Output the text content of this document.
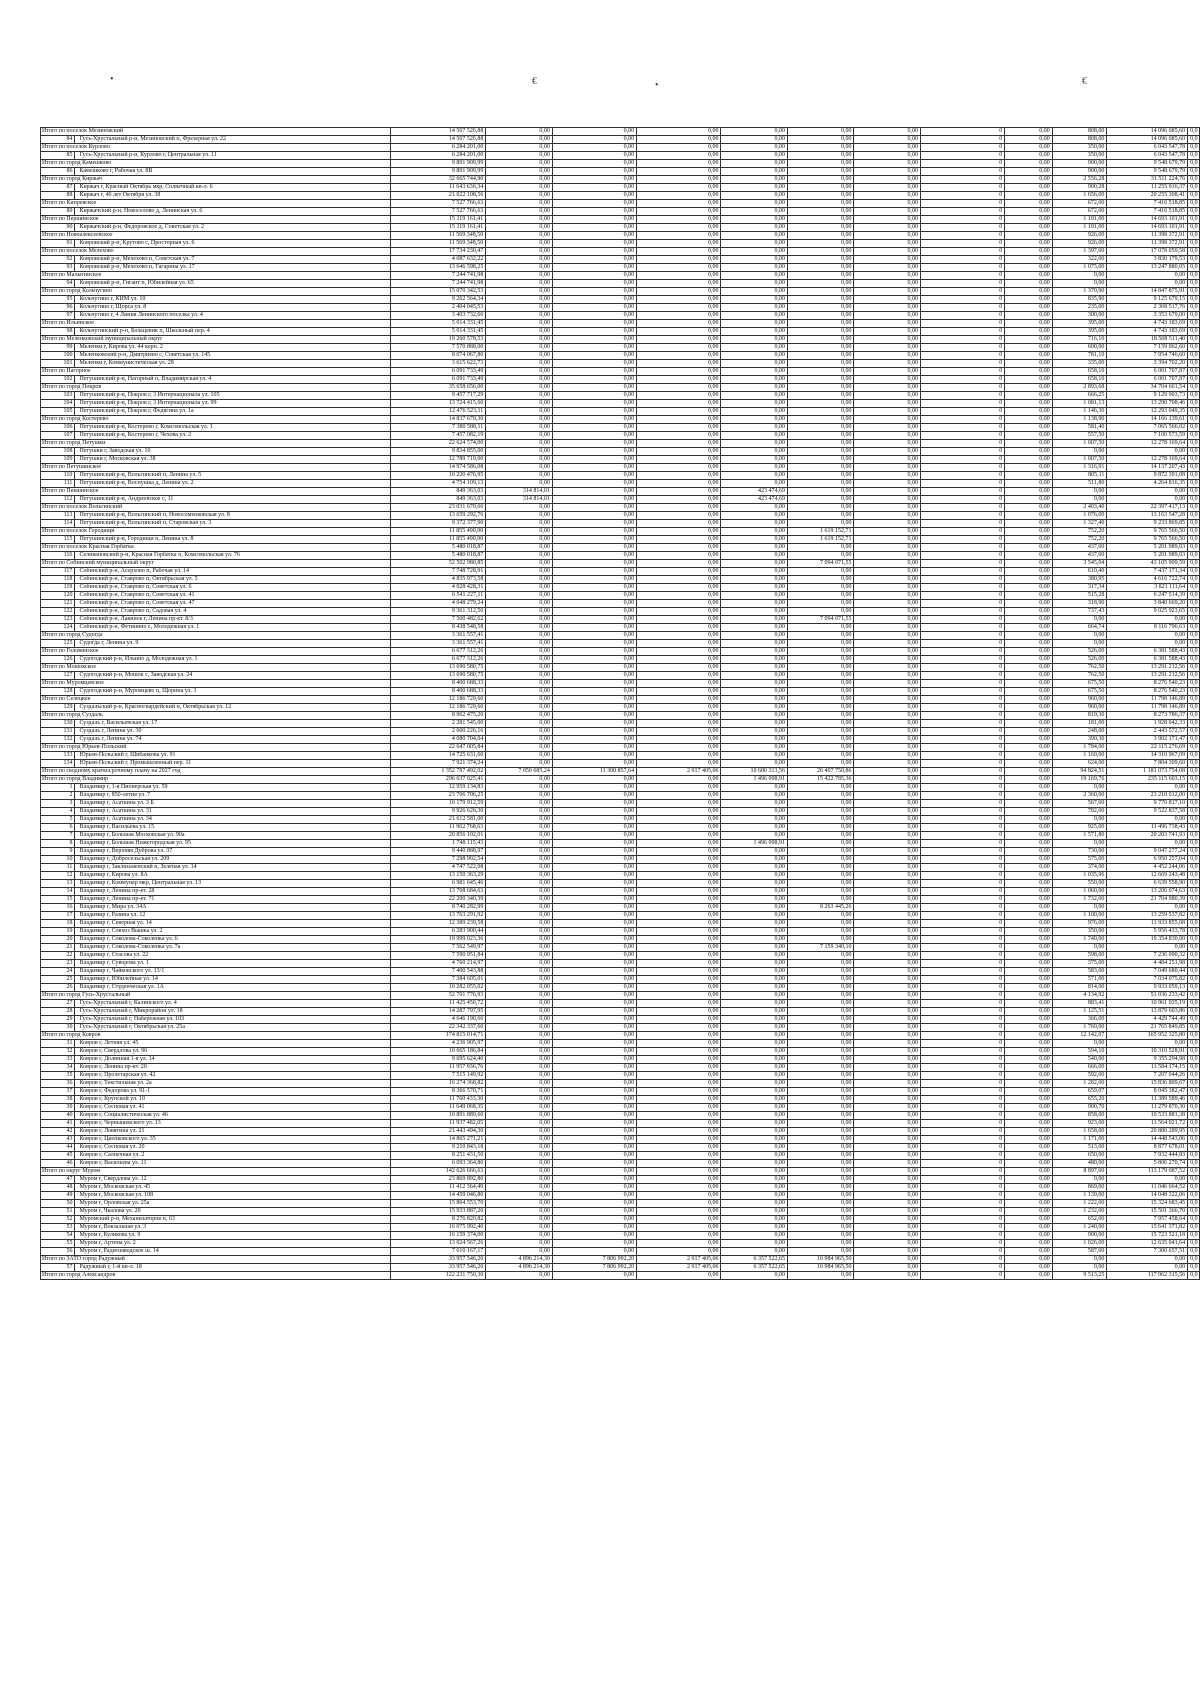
•	€	•	€
Итого по поселок Мезиновский		14 507 526,88	0,00	0,00	0,00	0,00	0,00	0,00	0	0,00	808,00	14 096 085,60	0,0
84	Гусь-Хрустальный р-н, Мезиновский п, Фрезерная ул. 22	14 507 526,88	0,00	0,00	0,00	0,00	0,00	0,00	0	0,00	808,00	14 096 085,60	0,0
Итого по поселок Курлово		6 284 201,00	0,00	0,00	0,00	0,00	0,00	0,00	0	0,00	350,00	6 043 547,78	0,0
85	Гусь-Хрустальный р-н, Курлово г, Центральная ул. 11	6 284 201,00	0,00	0,00	0,00	0,00	0,00	0,00	0	0,00	350,00	6 043 547,78	0,0
Итого по город Камешково		9 891 909,99	0,00	0,00	0,00	0,00	0,00	0,00	0	0,00	900,00	9 548 679,79	0,0
86	Камешково г, Рабочая ул. 8В	9 891 909,99	0,00	0,00	0,00	0,00	0,00	0,00	0	0,00	900,00	9 548 679,79	0,0
Итого по город Киржач		32 665 744,90	0,00	0,00	0,00	0,00	0,00	0,00	0	0,00	2 556,28	31 511 224,76	0,0
87	Киржач г, Красный Октябрь мкр, Солнечный кв-л. 6	11 643 636,34	0,00	0,00	0,00	0,00	0,00	0,00	0	0,00	900,28	11 255 916,37	0,0
88	Киржач г, 40 лет Октября ул. 38	21 022 108,56	0,00	0,00	0,00	0,00	0,00	0,00	0	0,00	1 656,00	20 255 308,41	0,0
Итого по Кипревское		7 527 766,63	0,00	0,00	0,00	0,00	0,00	0,00	0	0,00	672,00	7 416 518,85	0,0
89	Киржачский р-н, Новоселово д, Ленинская ул. 6	7 527 766,63	0,00	0,00	0,00	0,00	0,00	0,00	0	0,00	672,00	7 416 518,85	0,0
Итого по Першинское		15 119 161,41	0,00	0,00	0,00	0,00	0,00	0,00	0	0,00	1 191,00	14 693 101,91	0,0
90	Киржачский р-н, Федоровское д, Советская ул. 2	15 119 161,41	0,00	0,00	0,00	0,00	0,00	0,00	0	0,00	1 191,00	14 693 101,91	0,0
Итого по Новоалексеевское		11 569 348,50	0,00	0,00	0,00	0,00	0,00	0,00	0	0,00	926,00	11 398 372,91	0,0
91	Ковровский р-н, Крутово с, Просторная ул. 6	11 569 348,50	0,00	0,00	0,00	0,00	0,00	0,00	0	0,00	926,00	11 398 372,91	0,0
Итого по поселок Мелехово		17 734 230,47	0,00	0,00	0,00	0,00	0,00	0,00	0	0,00	1 397,00	17 078 059,58	0,0
92	Ковровский р-н, Мелехово п, Советская ул. 7	4 087 632,22	0,00	0,00	0,00	0,00	0,00	0,00	0	0,00	322,00	3 830 179,53	0,0
93	Ковровский р-н, Мелехово п, Гагарина ул. 17	13 646 598,25	0,00	0,00	0,00	0,00	0,00	0,00	0	0,00	1 075,00	13 247 880,05	0,0
Итого по Малыгинское		7 244 741,98	0,00	0,00	0,00	0,00	0,00	0,00	0	0,00	0,00	0,00	0,0
94	Ковровский р-н, Гигант п, Юбилейная ул. 65	7 244 741,98	0,00	0,00	0,00	0,00	0,00	0,00	0	0,00	0,00	0,00	0,0
Итого по город Кольчугино		15 070 342,53	0,00	0,00	0,00	0,00	0,00	0,00	0	0,00	1 370,90	14 847 875,91	0,0
95	Кольчугино г, КИМ ул. 10	9 262 564,34	0,00	0,00	0,00	0,00	0,00	0,00	0	0,00	835,90	9 125 679,15	0,0
96	Кольчугино г, Щорса ул. 8	2 404 045,53	0,00	0,00	0,00	0,00	0,00	0,00	0	0,00	235,00	2 368 517,76	0,0
97	Кольчугино г, 4 Линия Ленинского поселка ул. 4	3 403 732,66	0,00	0,00	0,00	0,00	0,00	0,00	0	0,00	300,00	3 353 679,00	0,0
Итого по Ильинское		5 014 331,45	0,00	0,00	0,00	0,00	0,00	0,00	0	0,00	395,00	4 743 183,69	0,0
98	Кольчугинский р-н, Больцевик п, Школьный пер. 4	5 014 331,45	0,00	0,00	0,00	0,00	0,00	0,00	0	0,00	395,00	4 743 183,69	0,0
Итого по Меленковский муниципальный округ		19 260 578,53	0,00	0,00	0,00	0,00	0,00	0,00	0	0,00	716,10	18 508 511,40	0,0
99	Меленки г, Кирова ул. 44 корп. 2	7 570 888,00	0,00	0,00	0,00	0,00	0,00	0,00	0	0,00	600,00	7 159 062,60	0,0
100	Меленковский р-н, Дмитриево с, Советская ул. 145	8 074 067,80	0,00	0,00	0,00	0,00	0,00	0,00	0	0,00	781,10	7 954 746,60	0,0
101	Меленки г, Коммунистическая ул. 28	3 615 622,73	0,00	0,00	0,00	0,00	0,00	0,00	0	0,00	335,00	3 394 702,20	0,0
Итого по Нагорное		6 091 733,49	0,00	0,00	0,00	0,00	0,00	0,00	0	0,00	658,10	6 001 707,87	0,0
102	Петушинский р-н, Нагорный п, Владимирская ул. 4	6 091 733,49	0,00	0,00	0,00	0,00	0,00	0,00	0	0,00	658,10	6 001 707,87	0,0
Итого по город Покров		35 658 656,00	0,00	0,00	0,00	0,00	0,00	0,00	0	0,00	2 893,68	34 704 661,54	0,0
103	Петушинский р-н, Покров г, 3 Интернационала ул. 105	9 457 717,29	0,00	0,00	0,00	0,00	0,00	0,00	0	0,00	666,25	9 129 903,73	0,0
104	Петушинский р-н, Покров г, 3 Интернационала ул. 99	13 724 415,60	0,00	0,00	0,00	0,00	0,00	0,00	0	0,00	1 081,13	13 290 708,46	0,0
105	Петушинский р-н, Покров г, Федягина ул. 1а	12 476 523,11	0,00	0,00	0,00	0,00	0,00	0,00	0	0,00	1 146,30	12 293 049,35	0,0
Итого по город Костерево		14 837 670,30	0,00	0,00	0,00	0,00	0,00	0,00	0	0,00	1 138,90	14 166 139,61	0,0
106	Петушинский р-н, Костерево г, Комсомольская ул. 1	7 380 588,11	0,00	0,00	0,00	0,00	0,00	0,00	0	0,00	581,40	7 065 566,02	0,0
107	Петушинский р-н, Костерево г, Чехова ул. 2	7 457 082,19	0,00	0,00	0,00	0,00	0,00	0,00	0	0,00	557,50	7 100 573,59	0,0
Итого по город Петушки		22 624 574,00	0,00	0,00	0,00	0,00	0,00	0,00	0	0,00	1 007,50	12 278 169,64	0,0
108	Петушки г, Заводская ул. 10	9 834 855,00	0,00	0,00	0,00	0,00	0,00	0,00	0	0,00	0,00	0,00	0,0
109	Петушки г, Московская ул. 38	12 789 719,00	0,00	0,00	0,00	0,00	0,00	0,00	0	0,00	1 007,50	12 278 169,64	0,0
Итого по Петушинское		14 974 586,08	0,00	0,00	0,00	0,00	0,00	0,00	0	0,00	1 316,91	14 137 207,43	0,0
110	Петушинский р-н, Вольгинский п, Ленина ул. 5	10 220 476,95	0,00	0,00	0,00	0,00	0,00	0,00	0	0,00	805,11	9 872 391,08	0,0
111	Петушинский р-н, Воспушка д, Ленина ул. 2	4 754 109,13	0,00	0,00	0,00	0,00	0,00	0,00	0	0,00	511,80	4 264 816,35	0,0
Итого по Пекшинское		849 363,03	314 814,01	0,00	0,00	423 474,69	0,00	0,00	0	0,00	0,00	0,00	0,0
112	Петушинский р-н, Андреевское с, 11	849 363,03	314 814,01	0,00	0,00	423 474,69	0,00	0,00	0	0,00	0,00	0,00	0,0
Итого по поселок Вольгинский		23 031 670,66	0,00	0,00	0,00	0,00	0,00	0,00	0	0,00	2 403,40	22 397 417,13	0,0
113	Петушинский р-н, Вольгинский п, Новосеменковская ул. 8	13 659 292,76	0,00	0,00	0,00	0,00	0,00	0,00	0	0,00	1 076,00	13 163 547,28	0,0
114	Петушинский р-н, Вольгинский п, Старовская ул. 3	9 372 377,90	0,00	0,00	0,00	0,00	0,00	0,00	0	0,00	1 327,40	9 233 869,85	0,0
Итого по поселок Городищи		11 855 490,00	0,00	0,00	0,00	0,00	1 619 152,71	0,00	0	0,00	752,20	9 765 566,50	0,0
115	Петушинский р-н, Городищи п, Ленина ул. 8	11 855 490,00	0,00	0,00	0,00	0,00	1 619 152,71	0,00	0	0,00	752,20	9 765 566,50	0,0
Итого по поселок Красная Горбатка		5 480 018,87	0,00	0,00	0,00	0,00	0,00	0,00	0	0,00	437,00	5 201 989,03	0,0
116	Селивановский р-н, Красная Горбатка п, Комсомольская ул. 76	5 480 018,87	0,00	0,00	0,00	0,00	0,00	0,00	0	0,00	437,00	5 201 989,03	0,0
Итого по Собинский муниципальный округ		52 502 980,85	0,00	0,00	0,00	0,00	7 094 071,55	0,00	0	0,00	3 545,04	43 105 909,59	0,0
117	Собинский р-н, Асерхово п, Рабочая ул. 14	7 748 728,91	0,00	0,00	0,00	0,00	0,00	0,00	0	0,00	610,40	7 437 171,34	0,0
118	Собинский р-н, Ставрово п, Октябрьская ул. 5	4 835 973,58	0,00	0,00	0,00	0,00	0,00	0,00	0	0,00	380,95	4 616 722,74	0,0
119	Собинский р-н, Ставрово п, Советская ул. 6	4 028 428,31	0,00	0,00	0,00	0,00	0,00	0,00	0	0,00	317,34	3 821 111,64	0,0
120	Собинский р-н, Ставрово п, Советская ул. 41	6 541 227,11	0,00	0,00	0,00	0,00	0,00	0,00	0	0,00	515,28	6 247 514,39	0,0
121	Собинский р-н, Ставрово п, Советская ул. 47	4 048 279,24	0,00	0,00	0,00	0,00	0,00	0,00	0	0,00	318,90	3 840 669,20	0,0
122	Собинский р-н, Ставрово п, Садовая ул. 4	9 361 312,50	0,00	0,00	0,00	0,00	0,00	0,00	0	0,00	737,43	9 025 923,65	0,0
123	Собинский р-н, Лакинск г, Ленина пр-кт. 8/3	7 500 482,62	0,00	0,00	0,00	0,00	7 094 071,55	0,00	0	0,00	0,00	0,00	0,0
124	Собинский р-н, Фетинино с, Молодежная ул. 1	8 438 548,58	0,00	0,00	0,00	0,00	0,00	0,00	0	0,00	664,74	8 116 796,63	0,0
Итого по город Судогда		3 361 557,41	0,00	0,00	0,00	0,00	0,00	0,00	0	0,00	0,00	0,00	0,0
125	Судогда г, Ленина ул. 9	3 361 557,41	0,00	0,00	0,00	0,00	0,00	0,00	0	0,00	0,00	0,00	0,0
Итого по Головинское		6 677 312,26	0,00	0,00	0,00	0,00	0,00	0,00	0	0,00	526,00	6 381 588,43	0,0
126	Судогодский р-н, Ильино д, Молодежная ул. 1	6 677 312,26	0,00	0,00	0,00	0,00	0,00	0,00	0	0,00	526,00	6 381 588,43	0,0
Итого по Мошокское		13 690 580,75	0,00	0,00	0,00	0,00	0,00	0,00	0	0,00	762,50	13 291 212,56	0,0
127	Судогодский р-н, Мошок с, Заводская ул. 24	13 690 580,75	0,00	0,00	0,00	0,00	0,00	0,00	0	0,00	762,50	13 291 212,56	0,0
Итого по Муромцевское		8 400 688,33	0,00	0,00	0,00	0,00	0,00	0,00	0	0,00	675,50	8 276 540,23	0,0
128	Судогодский р-н, Муромцево п, Щорина ул. 3	8 400 688,33	0,00	0,00	0,00	0,00	0,00	0,00	0	0,00	675,50	8 276 540,23	0,0
Итого по Селецкое		12 186 729,60	0,00	0,00	0,00	0,00	0,00	0,00	0	0,00	960,00	11 798 146,89	0,0
129	Суздальский р-н, Красногвардейский п, Октябрьская ул. 12	12 186 729,60	0,00	0,00	0,00	0,00	0,00	0,00	0	0,00	960,00	11 798 146,89	0,0
Итого по город Суздаль		8 962 475,20	0,00	0,00	0,00	0,00	0,00	0,00	0	0,00	819,30	8 273 786,37	0,0
130	Суздаль г, Васильевская ул. 17	2 281 545,00	0,00	0,00	0,00	0,00	0,00	0,00	0	0,00	181,00	1 928 042,33	0,0
131	Суздаль г, Ленина ул. 30	2 600 226,16	0,00	0,00	0,00	0,00	0,00	0,00	0	0,00	248,00	2 443 572,57	0,0
132	Суздаль г, Ленина ул. 74	4 080 704,04	0,00	0,00	0,00	0,00	0,00	0,00	0	0,00	390,30	3 902 171,47	0,0
Итого по город Юрьев-Польский		22 647 005,84	0,00	0,00	0,00	0,00	0,00	0,00	0	0,00	1 784,00	22 115 276,69	0,0
133	Юрьев-Польский г, Шибанкова ул. 91	14 725 631,60	0,00	0,00	0,00	0,00	0,00	0,00	0	0,00	1 160,00	14 310 967,09	0,0
134	Юрьев-Польский г, Промышленный пер. 11	7 921 374,24	0,00	0,00	0,00	0,00	0,00	0,00	0	0,00	624,00	7 804 309,60	0,0
Итого по сводному краткосрочному плану на 2027 год		1 352 797 492,02	7 050 685,24	11 300 857,64	2 917 405,06	10 680 313,56	26 407 750,86	0,00	0	0,00	94 824,51	1 181 073 754,08	0,0
Итого по город Владимир		296 637 025,41	0,00	0,00	0,00	1 496 098,91	15 422 785,36	0,00	0	0,00	19 169,76	235 115 603,15	0,0
1	Владимир г, 1-я Пионерская ул. 59	12 959 134,83	0,00	0,00	0,00	0,00	0,00	0,00	0	0,00	0,00	0,00	0,0
2	Владимир г, 850-летия ул. 7	23 706 706,25	0,00	0,00	0,00	0,00	0,00	0,00	0	0,00	2 360,00	23 210 012,00	0,0
3	Владимир г, Асаткина ул. 3 Б	10 179 912,59	0,00	0,00	0,00	0,00	0,00	0,00	0	0,00	567,00	9 770 817,10	0,0
4	Владимир г, Асаткина ул. 31	9 926 626,30	0,00	0,00	0,00	0,00	0,00	0,00	0	0,00	782,00	9 522 837,58	0,0
5	Владимир г, Асаткина ул. 34	21 612 581,00	0,00	0,00	0,00	0,00	0,00	0,00	0	0,00	0,00	0,00	0,0
6	Владимир г, Васильева ул. 15	11 962 768,63	0,00	0,00	0,00	0,00	0,00	0,00	0	0,00	925,00	11 496 738,43	0,0
7	Владимир г, Большая Московская ул. 90а	20 856 102,01	0,00	0,00	0,00	0,00	0,00	0,00	0	0,00	1 571,80	20 203 741,93	0,0
8	Владимир г, Большая Нижегородская ул. 95	1 748 115,43	0,00	0,00	0,00	1 496 098,91	0,00	0,00	0	0,00	0,00	0,00	0,0
9	Владимир г, Верхняя Дуброва ул. 37	9 440 888,97	0,00	0,00	0,00	0,00	0,00	0,00	0	0,00	730,00	9 047 277,24	0,0
10	Владимир г, Добросельская ул. 209	7 298 992,54	0,00	0,00	0,00	0,00	0,00	0,00	0	0,00	575,00	6 950 257,04	0,0
11	Владимир г, Заклязьменский п, Зеленая ул. 14	4 747 522,08	0,00	0,00	0,00	0,00	0,00	0,00	0	0,00	374,00	4 452 244,06	0,0
12	Владимир г, Кирова ул. 8А	13 150 363,29	0,00	0,00	0,00	0,00	0,00	0,00	0	0,00	1 035,96	12 669 243,48	0,0
13	Владимир г, Коммунар мкр, Центральная ул. 13	6 981 645,46	0,00	0,00	0,00	0,00	0,00	0,00	0	0,00	550,00	6 639 558,90	0,0
14	Владимир г, Ленина пр-кт. 28	13 708 684,63	0,00	0,00	0,00	0,00	0,00	0,00	0	0,00	1 060,00	13 206 074,63	0,0
15	Владимир г, Ленина пр-кт. 71	22 200 340,39	0,00	0,00	0,00	0,00	0,00	0,00	0	0,00	1 732,00	21 704 980,39	0,0
16	Владимир г, Мира ул. 34А	8 740 282,99	0,00	0,00	0,00	0,00	8 263 445,26	0,00	0	0,00	0,00	0,00	0,0
17	Владимир г, Разина ул. 12	13 763 291,92	0,00	0,00	0,00	0,00	0,00	0,00	0	0,00	1 100,00	13 259 537,82	0,0
18	Владимир г, Северная ул. 14	12 389 239,58	0,00	0,00	0,00	0,00	0,00	0,00	0	0,00	976,00	11 933 855,08	0,0
19	Владимир г, Совхоз Вышка ул. 2	6 283 900,44	0,00	0,00	0,00	0,00	0,00	0,00	0	0,00	350,00	5 956 433,78	0,0
20	Владимир г, Соколова-Соколенка ул. 6	19 999 023,36	0,00	0,00	0,00	0,00	0,00	0,00	0	0,00	1 740,00	19 354 830,00	0,0
21	Владимир г, Соколова-Соколенка ул. 7а	7 562 549,97	0,00	0,00	0,00	0,00	7 159 340,10	0,00	0	0,00	0,00	0,00	0,0
22	Владимир г, Стасова ул. 22	7 590 951,84	0,00	0,00	0,00	0,00	0,00	0,00	0	0,00	598,00	7 236 090,32	0,0
23	Владимир г, Суворова ул. 1	4 760 214,97	0,00	0,00	0,00	0,00	0,00	0,00	0	0,00	375,00	4 484 251,98	0,0
24	Владимир г, Чайковского ул. 13/1	7 400 543,88	0,00	0,00	0,00	0,00	0,00	0,00	0	0,00	583,00	7 049 680,44	0,0
25	Владимир г, Юбилейная ул. 14	7 384 605,01	0,00	0,00	0,00	0,00	0,00	0,00	0	0,00	571,00	7 034 075,82	0,0
26	Владимир г, Студенческая ул. 1А	10 282 055,02	0,00	0,00	0,00	0,00	0,00	0,00	0	0,00	814,00	9 933 059,13	0,0
Итого по город Гусь-Хрустальный		52 701 776,93	0,00	0,00	0,00	0,00	0,00	0,00	0	0,00	4 134,92	51 036 233,42	0,0
27	Гусь-Хрустальный г, Калинского ул. 4	11 425 450,72	0,00	0,00	0,00	0,00	0,00	0,00	0	0,00	883,41	10 961 035,19	0,0
28	Гусь-Хрустальный г, Микрорайон ул. 18	14 287 797,95	0,00	0,00	0,00	0,00	0,00	0,00	0	0,00	1 125,51	13 879 603,86	0,0
29	Гусь-Хрустальный г, Набережная ул. 103	4 646 190,66	0,00	0,00	0,00	0,00	0,00	0,00	0	0,00	366,00	4 429 744,49	0,0
30	Гусь-Хрустальный г, Октябрьская ул. 25а	22 342 337,60	0,00	0,00	0,00	0,00	0,00	0,00	0	0,00	1 760,00	21 765 849,85	0,0
Итого по город Ковров		174 815 014,71	0,00	0,00	0,00	0,00	0,00	0,00	0	0,00	12 142,07	165 952 325,80	0,0
31	Ковров г, Летняя ул. 45	4 236 905,97	0,00	0,00	0,00	0,00	0,00	0,00	0	0,00	0,00	0,00	0,0
32	Ковров г, Свердлова ул. 96	10 665 186,84	0,00	0,00	0,00	0,00	0,00	0,00	0	0,00	594,10	10 310 528,91	0,0
33	Ковров г, Долинная 1-я ул. 14	9 695 624,40	0,00	0,00	0,00	0,00	0,00	0,00	0	0,00	540,00	9 355 294,98	0,0
34	Ковров г, Ленина пр-кт. 20	11 957 936,76	0,00	0,00	0,00	0,00	0,00	0,00	0	0,00	666,00	11 584 174,15	0,0
35	Ковров г, Пролетарская ул. 42	7 515 149,92	0,00	0,00	0,00	0,00	0,00	0,00	0	0,00	592,00	7 207 044,26	0,0
36	Ковров г, Текстильная ул. 2а	16 274 368,82	0,00	0,00	0,00	0,00	0,00	0,00	0	0,00	1 282,00	15 836 809,67	0,0
37	Ковров г, Федорова ул. 91-1	8 366 570,71	0,00	0,00	0,00	0,00	0,00	0,00	0	0,00	659,07	8 045 382,47	0,0
38	Ковров г, Крупской ул. 10	11 760 433,30	0,00	0,00	0,00	0,00	0,00	0,00	0	0,00	655,20	11 389 589,46	0,0
39	Ковров г, Сосновая ул. 41	11 649 068,35	0,00	0,00	0,00	0,00	0,00	0,00	0	0,00	900,70	11 279 870,30	0,0
40	Ковров г, Социалистическая ул. 46	10 891 889,60	0,00	0,00	0,00	0,00	0,00	0,00	0	0,00	858,00	10 533 881,38	0,0
41	Ковров г, Чернышевского ул. 13	11 937 482,05	0,00	0,00	0,00	0,00	0,00	0,00	0	0,00	923,00	11 564 021,72	0,0
42	Ковров г, Ловятина ул. 21	21 443 494,30	0,00	0,00	0,00	0,00	0,00	0,00	0	0,00	1 658,00	20 880 289,95	0,0
43	Ковров г, Циолковского ул. 35	14 865 271,21	0,00	0,00	0,00	0,00	0,00	0,00	0	0,00	1 171,00	14 448 543,06	0,0
44	Ковров г, Сосновая ул. 20	9 210 843,18	0,00	0,00	0,00	0,00	0,00	0,00	0	0,00	513,00	8 877 678,01	0,0
45	Ковров г, Салнечная ул. 2	8 251 431,50	0,00	0,00	0,00	0,00	0,00	0,00	0	0,00	650,00	7 932 444,83	0,0
46	Ковров г, Васильева ул. 11	6 093 364,80	0,00	0,00	0,00	0,00	0,00	0,00	0	0,00	480,00	5 806 270,74	0,0
Итого по округ Муром		142 626 666,63	0,00	0,00	0,00	0,00	0,00	0,00	0	0,00	8 897,00	113 179 087,52	0,0
47	Муром г, Свердлова ул. 12	23 869 892,80	0,00	0,00	0,00	0,00	0,00	0,00	0	0,00	0,00	0,00	0,0
48	Муром г, Московская ул. 45	11 412 364,49	0,00	0,00	0,00	0,00	0,00	0,00	0	0,00	869,00	11 046 664,52	0,0
49	Муром г, Московская ул. 108	14 459 046,80	0,00	0,00	0,00	0,00	0,00	0,00	0	0,00	1 139,00	14 048 322,06	0,0
50	Муром г, Орловская ул. 25а	15 804 553,70	0,00	0,00	0,00	0,00	0,00	0,00	0	0,00	1 222,00	15 324 683,45	0,0
51	Муром г, Чкалова ул. 20	15 933 887,20	0,00	0,00	0,00	0,00	0,00	0,00	0	0,00	1 232,00	15 501 366,70	0,0
52	Муромский р-н, Механизаторов п, 63	8 276 820,82	0,00	0,00	0,00	0,00	0,00	0,00	0	0,00	652,00	7 957 458,64	0,0
53	Муром г, Вокзальная ул. 3	16 075 992,40	0,00	0,00	0,00	0,00	0,00	0,00	0	0,00	1 240,00	15 641 371,82	0,0
54	Муром г, Куликова ул. 9	16 159 374,00	0,00	0,00	0,00	0,00	0,00	0,00	0	0,00	900,00	15 723 521,18	0,0
55	Муром г, Артема ул. 2	13 024 567,26	0,00	0,00	0,00	0,00	0,00	0,00	0	0,00	1 026,00	12 635 041,64	0,0
56	Муром г, Радиозаводское ш. 14	7 610 167,17	0,00	0,00	0,00	0,00	0,00	0,00	0	0,00	587,00	7 300 657,51	0,0
Итого по ЗАТО город Радужный		33 957 546,20	4 896 214,30	7 806 992,20	2 917 405,06	6 357 522,65	10 984 965,50	0,00	0	0,00	0,00	0,00	0,0
57	Радужный г, 1-й кв-л. 18	33 957 546,20	4 896 214,30	7 806 992,20	2 917 405,06	6 357 522,65	10 984 965,50	0,00	0	0,00	0,00	0,00	0,0
Итого по город Александров		122 231 750,30	0,00	0,00	0,00	0,00	0,00	0,00	0	0,00	9 513,25	117 962 315,56	0,0
